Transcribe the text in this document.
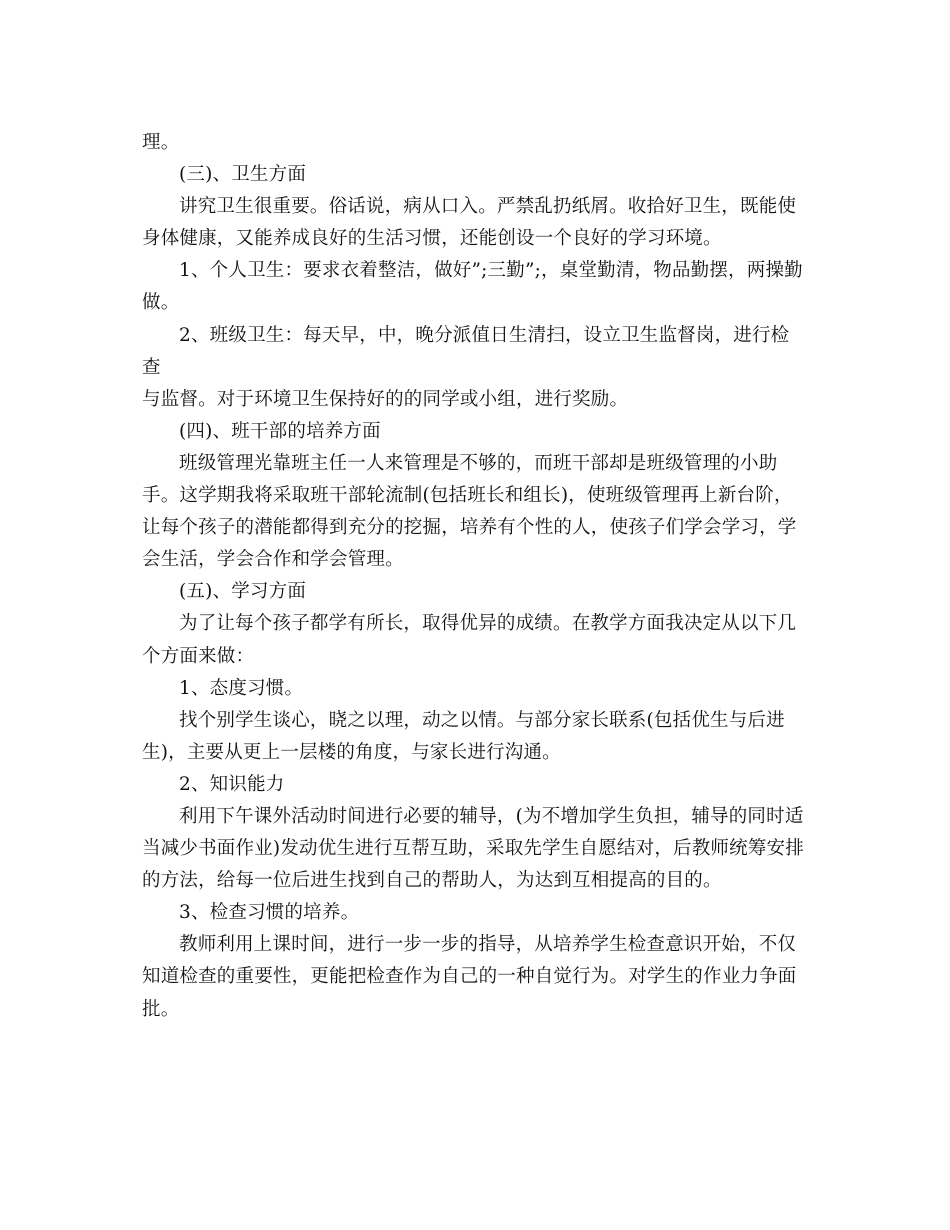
理。

(三)、卫生方面

讲究卫生很重要。俗话说，病从口入。严禁乱扔纸屑。收拾好卫生，既能使

身体健康，又能养成良好的生活习惯，还能创设一个良好的学习环境。

1、个人卫生：要求衣着整洁，做好”;三勤”;，桌堂勤清，物品勤摆，两操勤

做。

2、班级卫生：每天早，中，晚分派值日生清扫，设立卫生监督岗，进行检查

与监督。对于环境卫生保持好的的同学或小组，进行奖励。

(四)、班干部的培养方面

班级管理光靠班主任一人来管理是不够的，而班干部却是班级管理的小助

手。这学期我将采取班干部轮流制(包括班长和组长)，使班级管理再上新台阶，

让每个孩子的潜能都得到充分的挖掘，培养有个性的人，使孩子们学会学习，学

会生活，学会合作和学会管理。

(五)、学习方面

为了让每个孩子都学有所长，取得优异的成绩。在教学方面我决定从以下几

个方面来做：

1、态度习惯。

找个别学生谈心，晓之以理，动之以情。与部分家长联系(包括优生与后进

生)，主要从更上一层楼的角度，与家长进行沟通。

2、知识能力

利用下午课外活动时间进行必要的辅导，(为不增加学生负担，辅导的同时适

当减少书面作业)发动优生进行互帮互助，采取先学生自愿结对，后教师统筹安排

的方法，给每一位后进生找到自己的帮助人，为达到互相提高的目的。

3、检查习惯的培养。

教师利用上课时间，进行一步一步的指导，从培养学生检查意识开始，不仅

知道检查的重要性，更能把检查作为自己的一种自觉行为。对学生的作业力争面

批。
